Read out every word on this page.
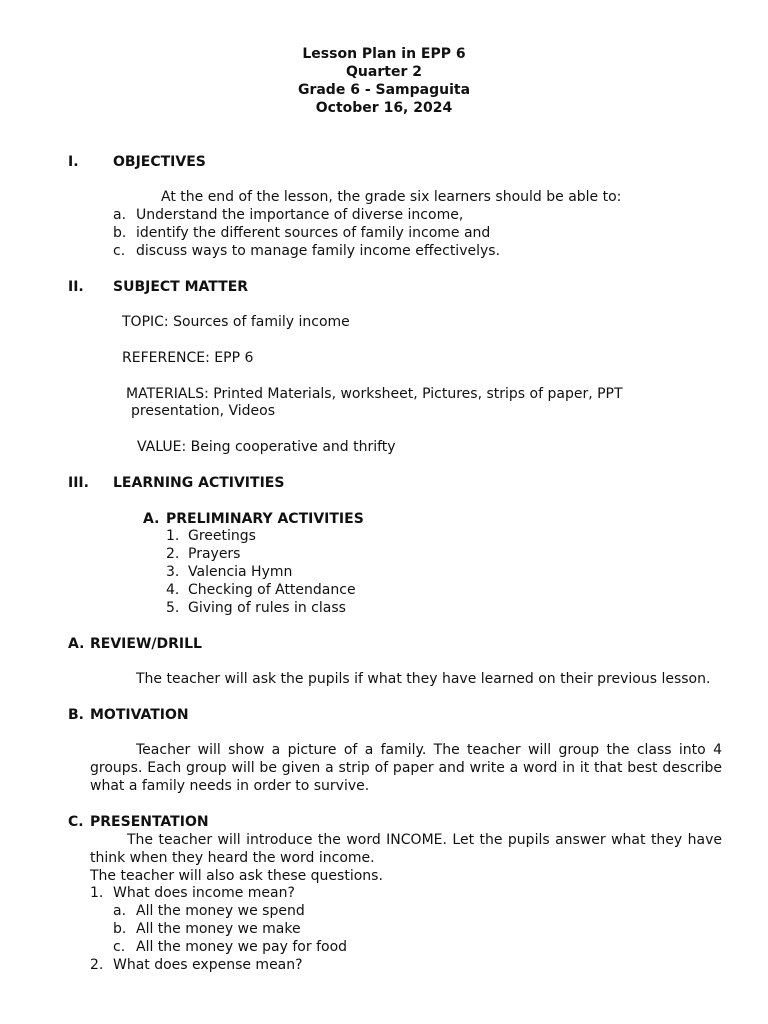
Lesson Plan in EPP 6
Quarter 2
Grade 6 - Sampaguita
October 16, 2024
I. OBJECTIVES
At the end of the lesson, the grade six learners should be able to:
a. Understand the importance of diverse income,
b. identify the different sources of family income and
c. discuss ways to manage family income effectivelys.
II. SUBJECT MATTER
TOPIC: Sources of family income
REFERENCE: EPP 6
MATERIALS: Printed Materials, worksheet, Pictures, strips of paper, PPT
presentation, Videos
VALUE: Being cooperative and thrifty
III. LEARNING ACTIVITIES
A. PRELIMINARY ACTIVITIES
1. Greetings
2. Prayers
3. Valencia Hymn
4. Checking of Attendance
5. Giving of rules in class
A. REVIEW/DRILL
The teacher will ask the pupils if what they have learned on their previous lesson.
B. MOTIVATION
Teacher will show a picture of a family. The teacher will group the class into 4 groups. Each group will be given a strip of paper and write a word in it that best describe what a family needs in order to survive.
C. PRESENTATION
The teacher will introduce the word INCOME. Let the pupils answer what they have think when they heard the word income.
The teacher will also ask these questions.
1. What does income mean?
a. All the money we spend
b. All the money we make
c. All the money we pay for food
2. What does expense mean?
